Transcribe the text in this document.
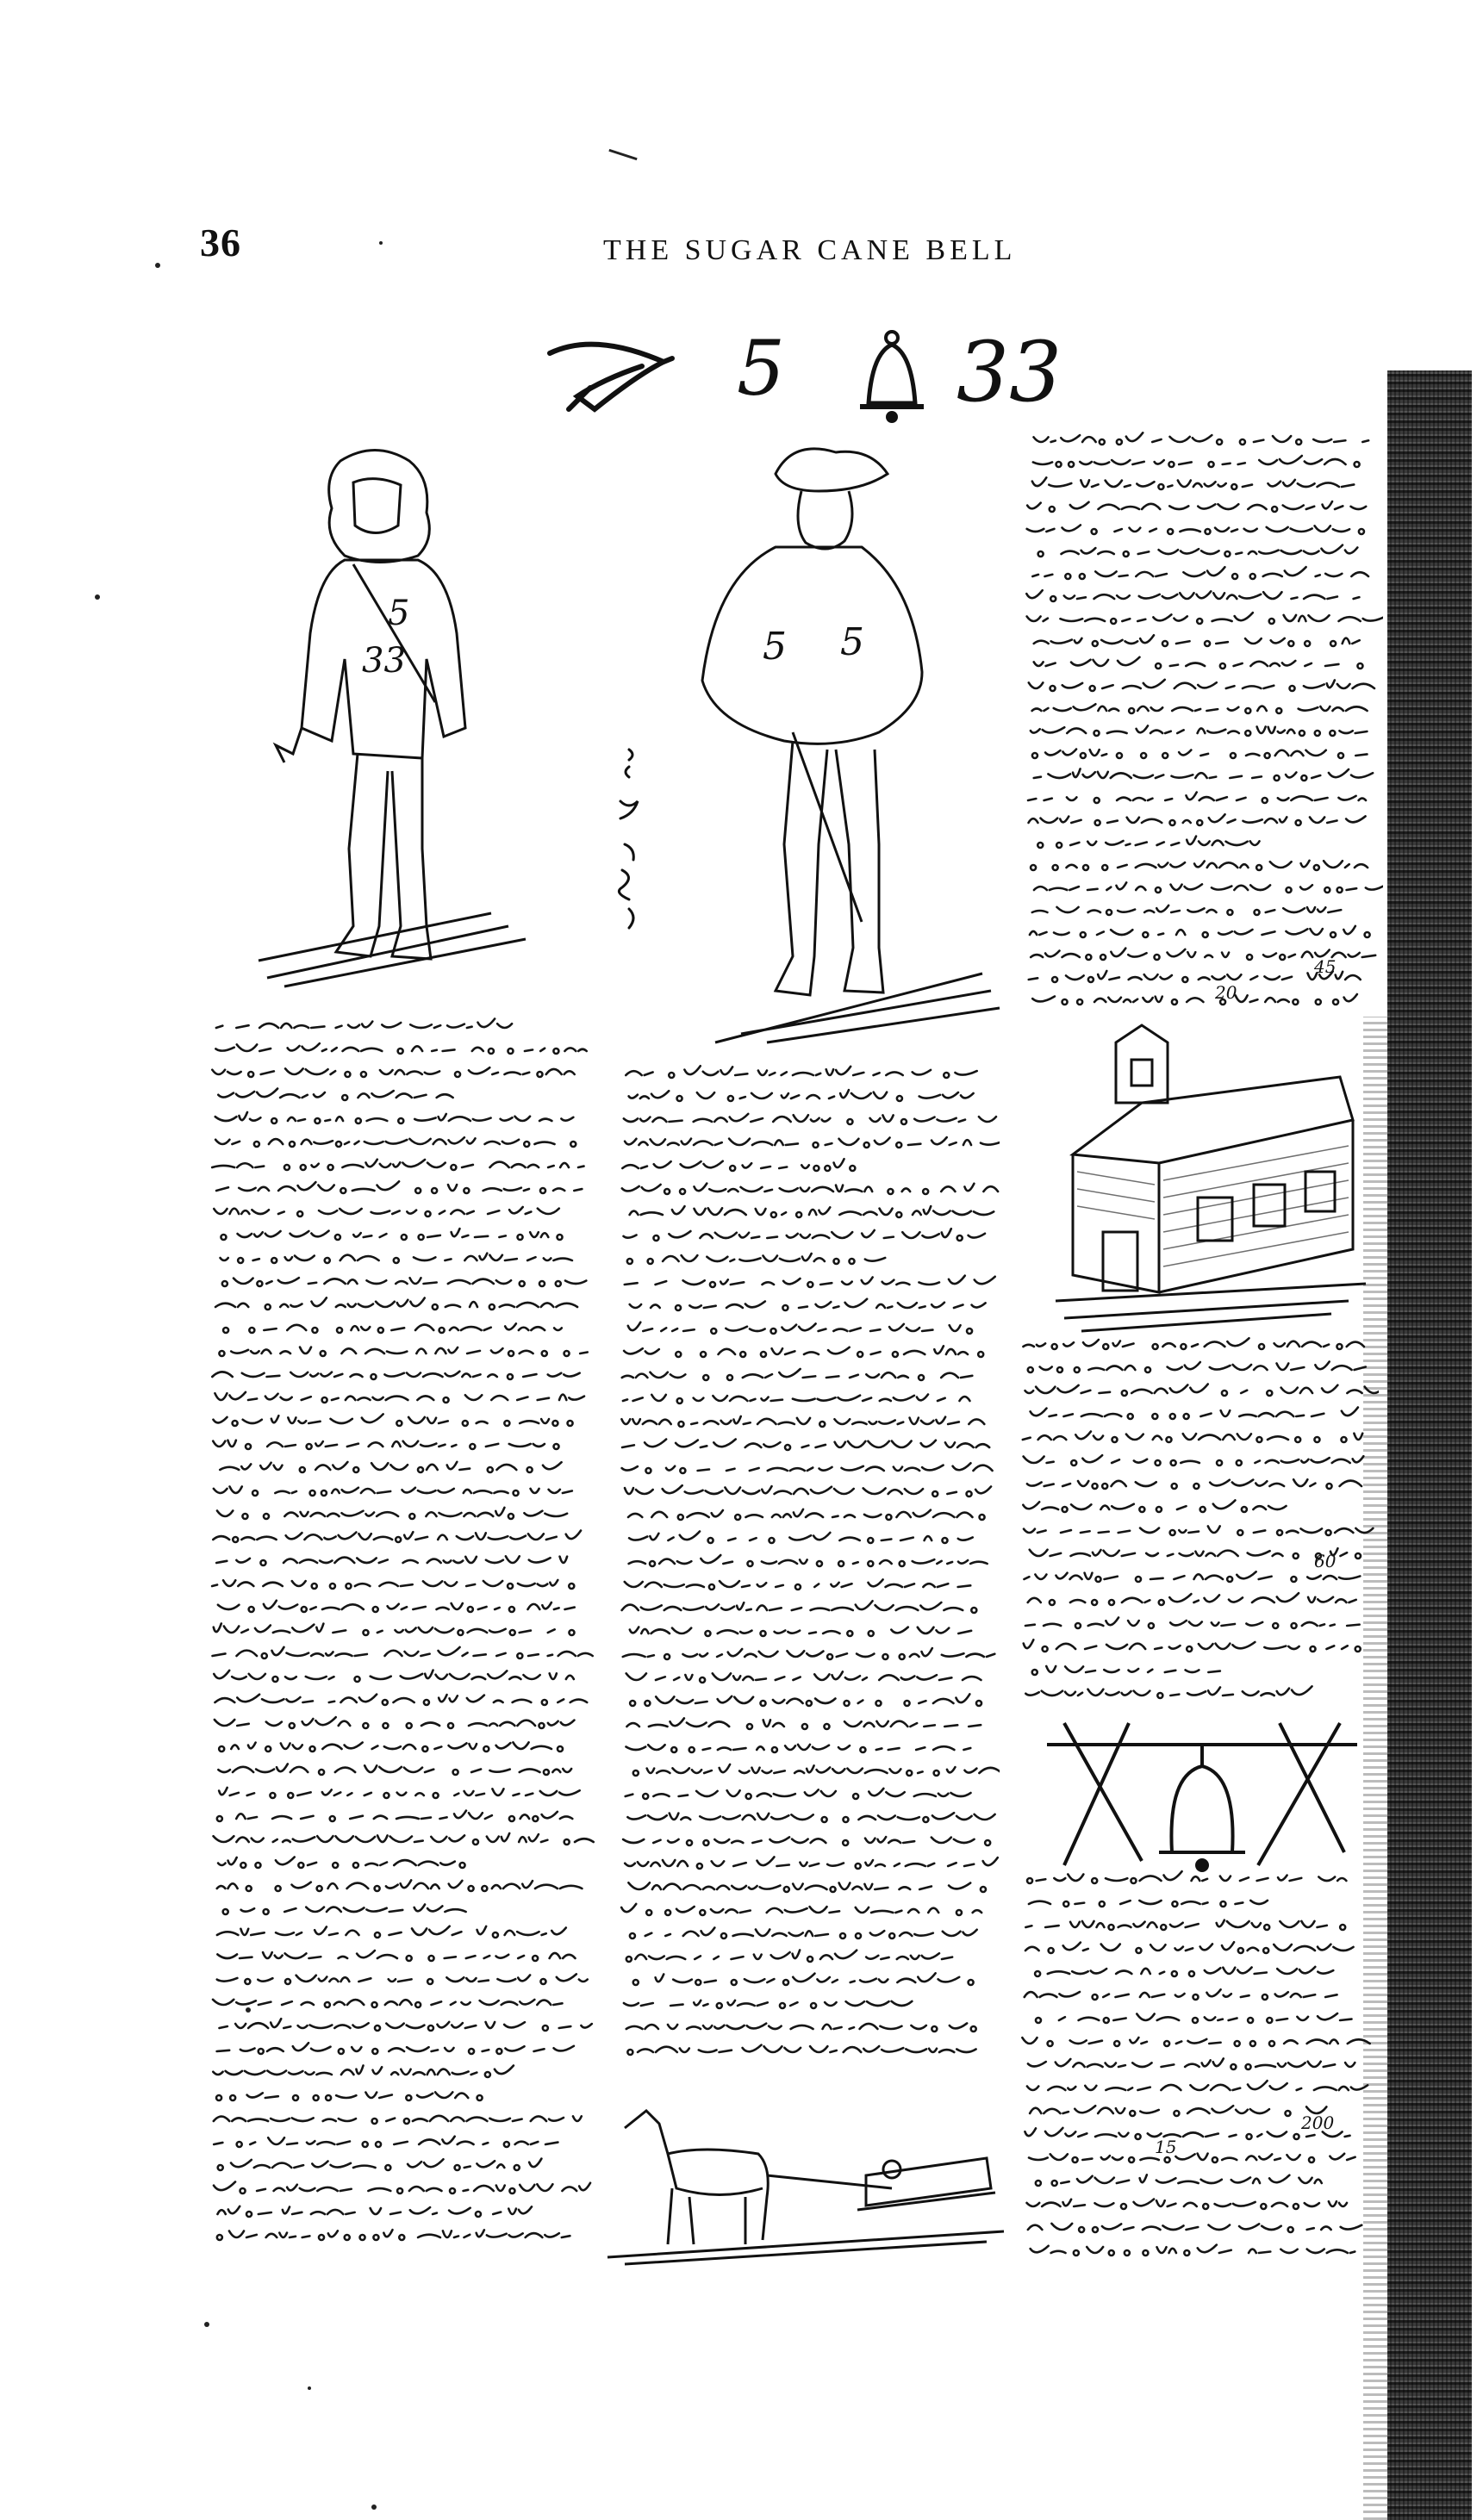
36	THE SUGAR CANE BELL
5 33
5
33	5 5
45
20
60
200
15
